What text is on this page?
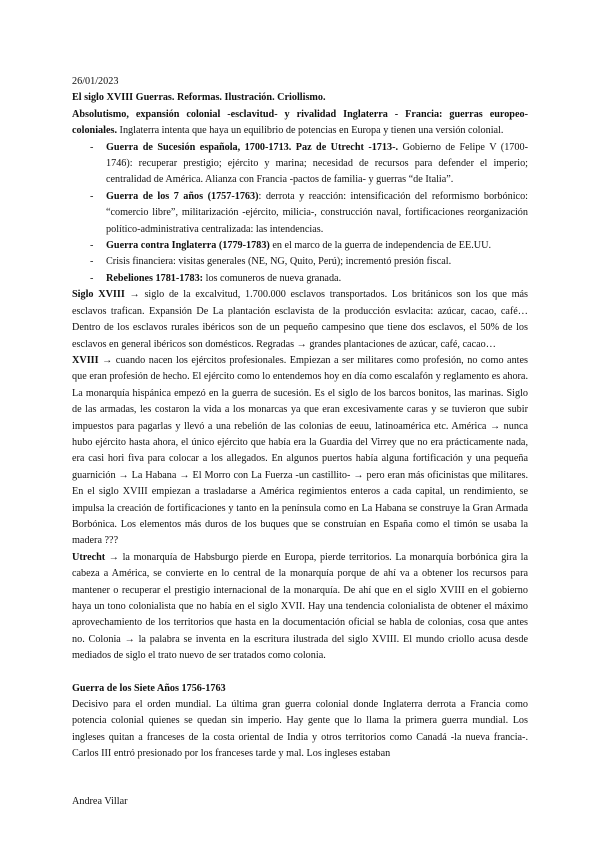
26/01/2023

El siglo XVIII Guerras. Reformas. Ilustración. Criollismo.

Absolutismo, expansión colonial -esclavitud- y rivalidad Inglaterra - Francia: guerras europeo-coloniales. Inglaterra intenta que haya un equilibrio de potencias en Europa y tienen una versión colonial.

- Guerra de Sucesión española, 1700-1713. Paz de Utrecht -1713-. Gobierno de Felipe V (1700-1746): recuperar prestigio; ejército y marina; necesidad de recursos para defender el imperio; centralidad de América. Alianza con Francia -pactos de familia- y guerras “de Italia”.
- Guerra de los 7 años (1757-1763): derrota y reacción: intensificación del reformismo borbónico: “comercio libre”, militarización -ejército, milicia-, construcción naval, fortificaciones reorganización político-administrativa centralizada: las intendencias.
- Guerra contra Inglaterra (1779-1783) en el marco de la guerra de independencia de EE.UU.
- Crisis financiera: visitas generales (NE, NG, Quito, Perú); incrementó presión fiscal.
- Rebeliones 1781-1783: los comuneros de nueva granada.

Siglo XVIII → siglo de la excalvitud, 1.700.000 esclavos transportados. Los británicos son los que más esclavos trafican. Expansión De La plantación esclavista de la producción esvlacita: azúcar, cacao, café… Dentro de los esclavos rurales ibéricos son de un pequeño campesino que tiene dos esclavos, el 50% de los esclavos en general ibéricos son domésticos. Regradas → grandes plantaciones de azúcar, café, cacao…

XVIII → cuando nacen los ejércitos profesionales. Empiezan a ser militares como profesión, no como antes que eran profesión de hecho. El ejército como lo entendemos hoy en día como escalafón y reglamento es ahora. La monarquía hispánica empezó en la guerra de sucesión. Es el siglo de los barcos bonitos, las marinas. Siglo de las armadas, les costaron la vida a los monarcas ya que eran excesivamente caras y se tuvieron que subir impuestos para pagarlas y llevó a una rebelión de las colonias de eeuu, latinoamérica etc. América → nunca hubo ejército hasta ahora, el único ejército que había era la Guardia del Virrey que no era prácticamente nada, era casi hori fiva para colocar a los allegados. En algunos puertos había alguna fortificación y una pequeña guarnición → La Habana → El Morro con La Fuerza -un castillito- → pero eran más oficinistas que militares. En el siglo XVIII empiezan a trasladarse a América regimientos enteros a cada capital, un rendimiento, se impulsa la creación de fortificaciones y tanto en la península como en La Habana se construye la Gran Armada Borbónica. Los elementos más duros de los buques que se construían en España como el timón se usaba la madera ???

Utrecht → la monarquía de Habsburgo pierde en Europa, pierde territorios. La monarquía borbónica gira la cabeza a América, se convierte en lo central de la monarquía porque de ahí va a obtener los recursos para mantener o recuperar el prestigio internacional de la monarquía. De ahí que en el siglo XVIII en el gobierno haya un tono colonialista que no había en el siglo XVII. Hay una tendencia colonialista de obtener el máximo aprovechamiento de los territorios que hasta en la documentación oficial se habla de colonias, cosa que antes no. Colonia → la palabra se inventa en la escritura ilustrada del siglo XVIII. El mundo criollo acusa desde mediados de siglo el trato nuevo de ser tratados como colonia.

Guerra de los Siete Años 1756-1763

Decisivo para el orden mundial. La última gran guerra colonial donde Inglaterra derrota a Francia como potencia colonial quienes se quedan sin imperio. Hay gente que lo llama la primera guerra mundial. Los ingleses quitan a franceses de la costa oriental de India y otros territorios como Canadá -la nueva francia-. Carlos III entró presionado por los franceses tarde y mal. Los ingleses estaban

Andrea Villar
